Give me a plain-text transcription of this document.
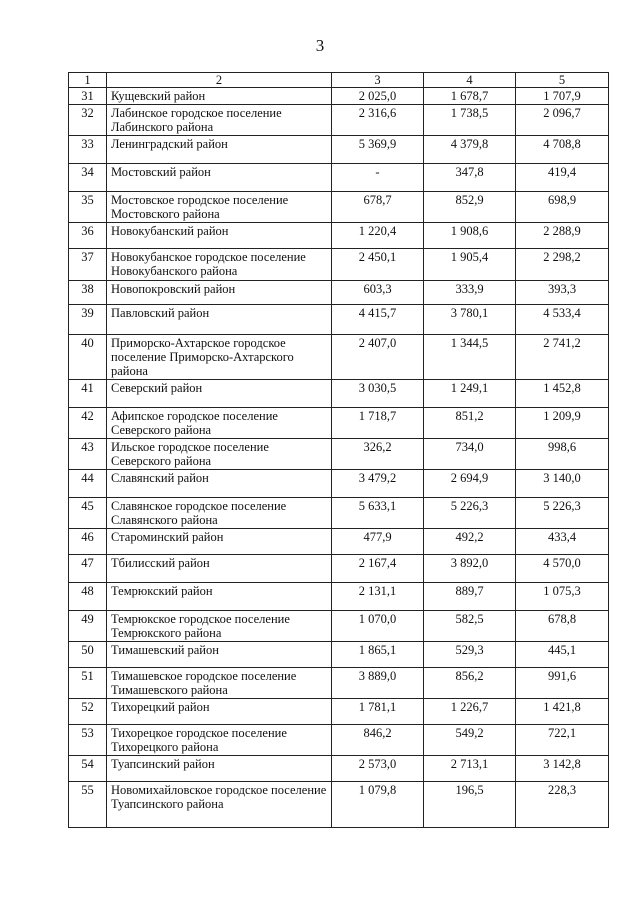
3
1	2	3	4	5
31	Кущевский район	2 025,0	1 678,7	1 707,9
32	Лабинское городское поселение Лабинского района	2 316,6	1 738,5	2 096,7
33	Ленинградский район	5 369,9	4 379,8	4 708,8
34	Мостовский район	-	347,8	419,4
35	Мостовское городское поселение Мостовского района	678,7	852,9	698,9
36	Новокубанский район	1 220,4	1 908,6	2 288,9
37	Новокубанское городское поселение Новокубанского района	2 450,1	1 905,4	2 298,2
38	Новопокровский район	603,3	333,9	393,3
39	Павловский район	4 415,7	3 780,1	4 533,4
40	Приморско-Ахтарское городское поселение Приморско-Ахтарского района	2 407,0	1 344,5	2 741,2
41	Северский район	3 030,5	1 249,1	1 452,8
42	Афипское городское поселение Северского района	1 718,7	851,2	1 209,9
43	Ильское городское поселение Северского района	326,2	734,0	998,6
44	Славянский район	3 479,2	2 694,9	3 140,0
45	Славянское городское поселение Славянского района	5 633,1	5 226,3	5 226,3
46	Староминский район	477,9	492,2	433,4
47	Тбилисский район	2 167,4	3 892,0	4 570,0
48	Темрюкский район	2 131,1	889,7	1 075,3
49	Темрюкское городское поселение Темрюкского района	1 070,0	582,5	678,8
50	Тимашевский район	1 865,1	529,3	445,1
51	Тимашевское городское поселение Тимашевского района	3 889,0	856,2	991,6
52	Тихорецкий район	1 781,1	1 226,7	1 421,8
53	Тихорецкое городское поселение Тихорецкого района	846,2	549,2	722,1
54	Туапсинский район	2 573,0	2 713,1	3 142,8
55	Новомихайловское городское поселение Туапсинского района	1 079,8	196,5	228,3
